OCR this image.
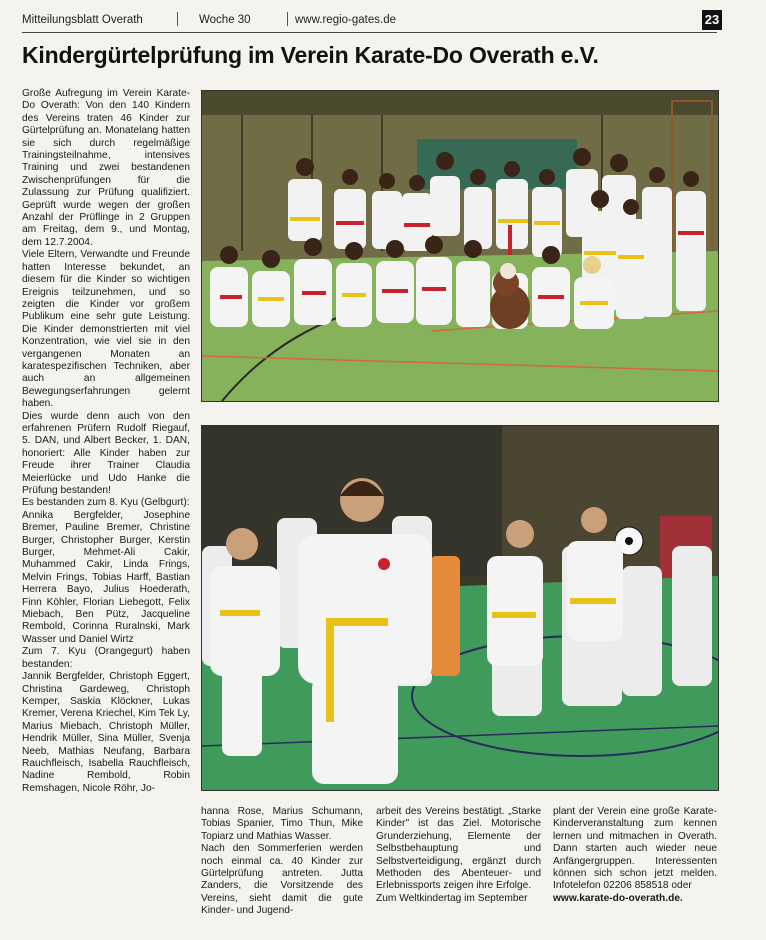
Mitteilungsblatt Overath	Woche 30	www.regio-gates.de	23
Kindergürtelprüfung im Verein Karate-Do Overath e.V.

Große Aufregung im Verein Karate-Do Overath: Von den 140 Kindern des Vereins traten 46 Kinder zur Gürtelprüfung an. Monatelang hatten sie sich durch regelmäßige Trainingsteilnahme, intensives Training und zwei bestandenen Zwischenprüfungen für die Zulassung zur Prüfung qualifiziert. Geprüft wurde wegen der großen Anzahl der Prüflinge in 2 Gruppen am Freitag, dem 9., und Montag, dem 12.7.2004.

Viele Eltern, Verwandte und Freunde hatten Interesse bekundet, an diesem für die Kinder so wichtigen Ereignis teilzunehmen, und so zeigten die Kinder vor großem Publikum eine sehr gute Leistung. Die Kinder demonstrierten mit viel Konzentration, wie viel sie in den vergangenen Monaten an karatespezifischen Techniken, aber auch an allgemeinen Bewegungserfahrungen gelernt haben.

Dies wurde denn auch von den erfahrenen Prüfern Rudolf Riegauf, 5. DAN, und Albert Becker, 1. DAN, honoriert: Alle Kinder haben zur Freude ihrer Trainer Claudia Meierlücke und Udo Hanke die Prüfung bestanden!

Es bestanden zum 8. Kyu (Gelbgurt):

Annika Bergfelder, Josephine Bremer, Pauline Bremer, Christine Burger, Christopher Burger, Kerstin Burger, Mehmet-Ali Cakir, Muhammed Cakir, Linda Frings, Melvin Frings, Tobias Harff, Bastian Herrera Bayo, Julius Hoederath, Finn Köhler, Florian Liebegott, Felix Miebach, Ben Pütz, Jacqueline Rembold, Corinna Ruralnski, Mark Wasser und Daniel Wirtz

Zum 7. Kyu (Orangegurt) haben bestanden:

Jannik Bergfelder, Christoph Eggert, Christina Gardeweg, Christoph Kemper, Saskia Klöckner, Lukas Kremer, Verena Kriechel, Kim Tek Ly, Marius Miebach, Christoph Müller, Hendrik Müller, Sina Müller, Svenja Neeb, Mathias Neufang, Barbara Rauchfleisch, Isabella Rauchfleisch, Nadine Rembold, Robin Remshagen, Nicole Röhr, Jo-

hanna Rose, Marius Schumann, Tobias Spanier, Timo Thun, Mike Topiarz und Mathias Wasser.

Nach den Sommerferien werden noch einmal ca. 40 Kinder zur Gürtelprüfung antreten. Jutta Zanders, die Vorsitzende des Vereins, sieht damit die gute Kinder- und Jugend-

arbeit des Vereins bestätigt. „Starke Kinder" ist das Ziel. Motorische Grunderziehung, Elemente der Selbstbehauptung und Selbstverteidigung, ergänzt durch Methoden des Abenteuer- und Erlebnissports zeigen ihre Erfolge.

Zum Weltkindertag im September

plant der Verein eine große Karate-Kinderveranstaltung zum kennen lernen und mitmachen in Overath. Dann starten auch wieder neue Anfängergruppen. Interessenten können sich schon jetzt melden. Infotelefon 02206 858518 oder

www.karate-do-overath.de.
